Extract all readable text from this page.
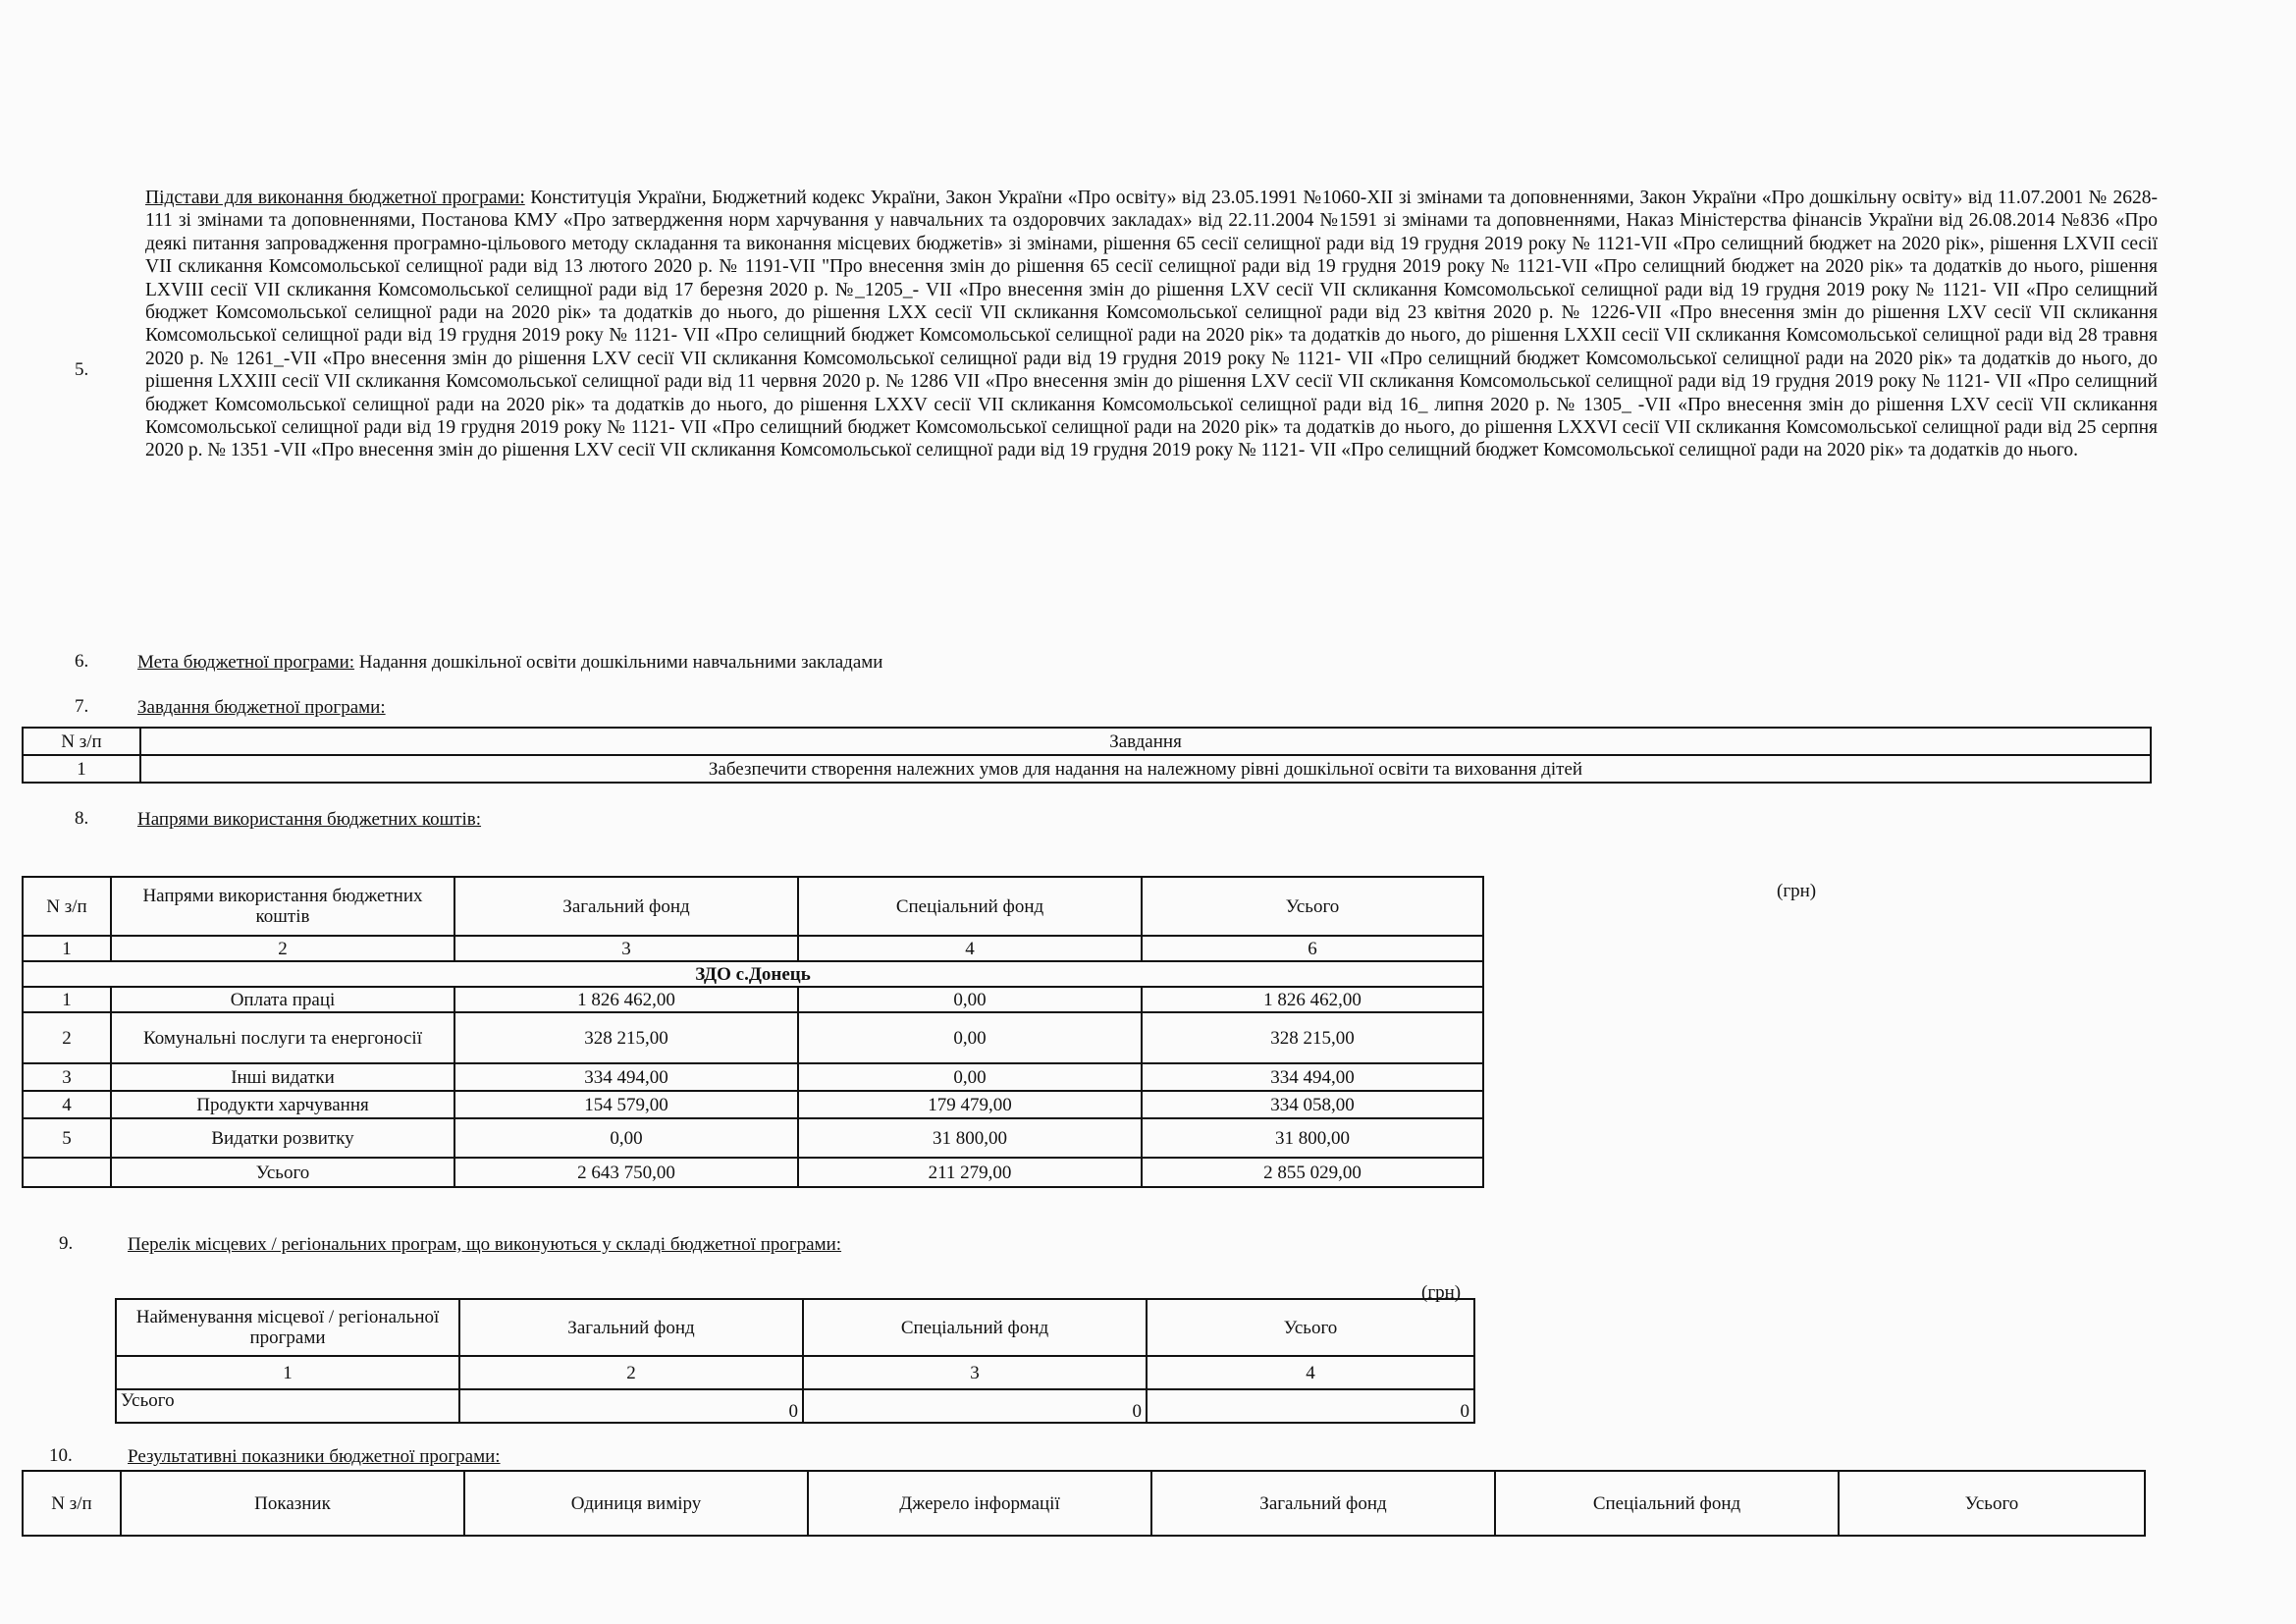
5.
Підстави для виконання бюджетної програми: Конституція України, Бюджетний кодекс України, Закон України «Про освіту» від 23.05.1991 №1060-XII зі змінами та доповненнями, Закон України «Про дошкільну освіту» від 11.07.2001 № 2628-111 зі змінами та доповненнями, Постанова КМУ «Про затвердження норм харчування у навчальних та оздоровчих закладах» від 22.11.2004 №1591 зі змінами та доповненнями, Наказ Міністерства фінансів України від 26.08.2014 №836 «Про деякі питання запровадження програмно-цільового методу складання та виконання місцевих бюджетів» зі змінами, рішення 65 сесії селищної ради від 19 грудня 2019 року № 1121-VII «Про селищний бюджет на 2020 рік», рішення LXVII сесії VII скликання Комсомольської селищної ради від 13 лютого 2020 р. № 1191-VII "Про внесення змін до рішення 65 сесії селищної ради від 19 грудня 2019 року № 1121-VII «Про селищний бюджет на 2020 рік» та додатків до нього, рішення LXVIII сесії VII скликання Комсомольської селищної ради від 17 березня 2020 р. №_1205_- VII «Про внесення змін до рішення LXV сесії VII скликання Комсомольської селищної ради від 19 грудня 2019 року № 1121- VII «Про селищний бюджет Комсомольської селищної ради на 2020 рік» та додатків до нього, до рішення LXX сесії VII скликання Комсомольської селищної ради від 23 квітня 2020 р. № 1226-VII «Про внесення змін до рішення LXV сесії VII скликання Комсомольської селищної ради від 19 грудня 2019 року № 1121- VII «Про селищний бюджет Комсомольської селищної ради на 2020 рік» та додатків до нього, до рішення LXXII сесії VII скликання Комсомольської селищної ради від 28 травня 2020 р. № 1261_-VII «Про внесення змін до рішення LXV сесії VII скликання Комсомольської селищної ради від 19 грудня 2019 року № 1121- VII «Про селищний бюджет Комсомольської селищної ради на 2020 рік» та додатків до нього, до рішення LXXIII сесії VII скликання Комсомольської селищної ради від 11 червня 2020 р. № 1286 VII «Про внесення змін до рішення LXV сесії VII скликання Комсомольської селищної ради від 19 грудня 2019 року № 1121- VII «Про селищний бюджет Комсомольської селищної ради на 2020 рік» та додатків до нього, до рішення LXXV сесії VII скликання Комсомольської селищної ради від 16_ липня 2020 р. № 1305_ -VII «Про внесення змін до рішення LXV сесії VII скликання Комсомольської селищної ради від 19 грудня 2019 року № 1121- VII «Про селищний бюджет Комсомольської селищної ради на 2020 рік» та додатків до нього, до рішення LXXVI сесії VII скликання Комсомольської селищної ради від 25 серпня 2020 р. № 1351 -VII «Про внесення змін до рішення LXV сесії VII скликання Комсомольської селищної ради від 19 грудня 2019 року № 1121- VII «Про селищний бюджет Комсомольської селищної ради на 2020 рік» та додатків до нього.
6.	Мета бюджетної програми: Надання дошкільної освіти дошкільними навчальними закладами
7.	Завдання бюджетної програми:
N з/п	Завдання
1	Забезпечити створення належних умов для надання на належному рівні дошкільної освіти та виховання дітей
8.	Напрями використання бюджетних коштів:
(грн)
N з/п	Напрями використання бюджетних коштів	Загальний фонд	Спеціальний фонд	Усього
1	2	3	4	6
ЗДО с.Донець				
1	Оплата праці	1 826 462,00	0,00	1 826 462,00
2	Комунальні послуги та енергоносії	328 215,00	0,00	328 215,00
3	Інші видатки	334 494,00	0,00	334 494,00
4	Продукти харчування	154 579,00	179 479,00	334 058,00
5	Видатки розвитку	0,00	31 800,00	31 800,00
	Усього	2 643 750,00	211 279,00	2 855 029,00
9.	Перелік місцевих / регіональних програм, що виконуються у складі бюджетної програми:
(грн)
Найменування місцевої / регіональної програми	Загальний фонд	Спеціальний фонд	Усього
1	2	3	4
Усього	0	0	0
10.	Результативні показники бюджетної програми:
N з/п	Показник	Одиниця виміру	Джерело інформації	Загальний фонд	Спеціальний фонд	Усього
